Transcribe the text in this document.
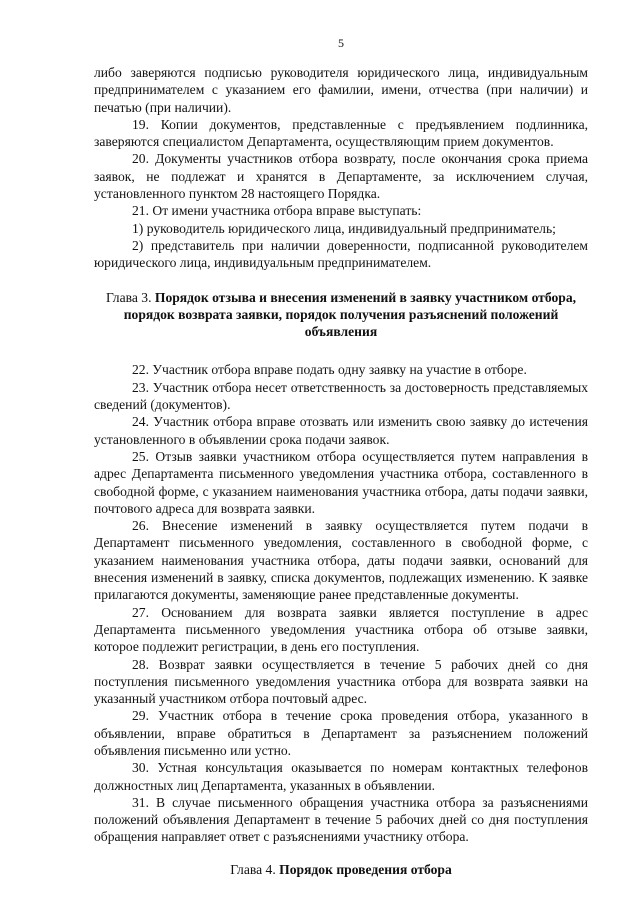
5

либо заверяются подписью руководителя юридического лица, индивидуальным предпринимателем с указанием его фамилии, имени, отчества (при наличии) и печатью (при наличии).

19. Копии документов, представленные с предъявлением подлинника, заверяются специалистом Департамента, осуществляющим прием документов.

20. Документы участников отбора возврату, после окончания срока приема заявок, не подлежат и хранятся в Департаменте, за исключением случая, установленного пунктом 28 настоящего Порядка.

21. От имени участника отбора вправе выступать:

1) руководитель юридического лица, индивидуальный предприниматель;

2) представитель при наличии доверенности, подписанной руководителем юридического лица, индивидуальным предпринимателем.

Глава 3. Порядок отзыва и внесения изменений в заявку участником отбора, порядок возврата заявки, порядок получения разъяснений положений объявления

22. Участник отбора вправе подать одну заявку на участие в отборе.

23. Участник отбора несет ответственность за достоверность представляемых сведений (документов).

24. Участник отбора вправе отозвать или изменить свою заявку до истечения установленного в объявлении срока подачи заявок.

25. Отзыв заявки участником отбора осуществляется путем направления в адрес Департамента письменного уведомления участника отбора, составленного в свободной форме, с указанием наименования участника отбора, даты подачи заявки, почтового адреса для возврата заявки.

26. Внесение изменений в заявку осуществляется путем подачи в Департамент письменного уведомления, составленного в свободной форме, с указанием наименования участника отбора, даты подачи заявки, оснований для внесения изменений в заявку, списка документов, подлежащих изменению. К заявке прилагаются документы, заменяющие ранее представленные документы.

27. Основанием для возврата заявки является поступление в адрес Департамента письменного уведомления участника отбора об отзыве заявки, которое подлежит регистрации, в день его поступления.

28. Возврат заявки осуществляется в течение 5 рабочих дней со дня поступления письменного уведомления участника отбора для возврата заявки на указанный участником отбора почтовый адрес.

29. Участник отбора в течение срока проведения отбора, указанного в объявлении, вправе обратиться в Департамент за разъяснением положений объявления письменно или устно.

30. Устная консультация оказывается по номерам контактных телефонов должностных лиц Департамента, указанных в объявлении.

31. В случае письменного обращения участника отбора за разъяснениями положений объявления Департамент в течение 5 рабочих дней со дня поступления обращения направляет ответ с разъяснениями участнику отбора.

Глава 4. Порядок проведения отбора
